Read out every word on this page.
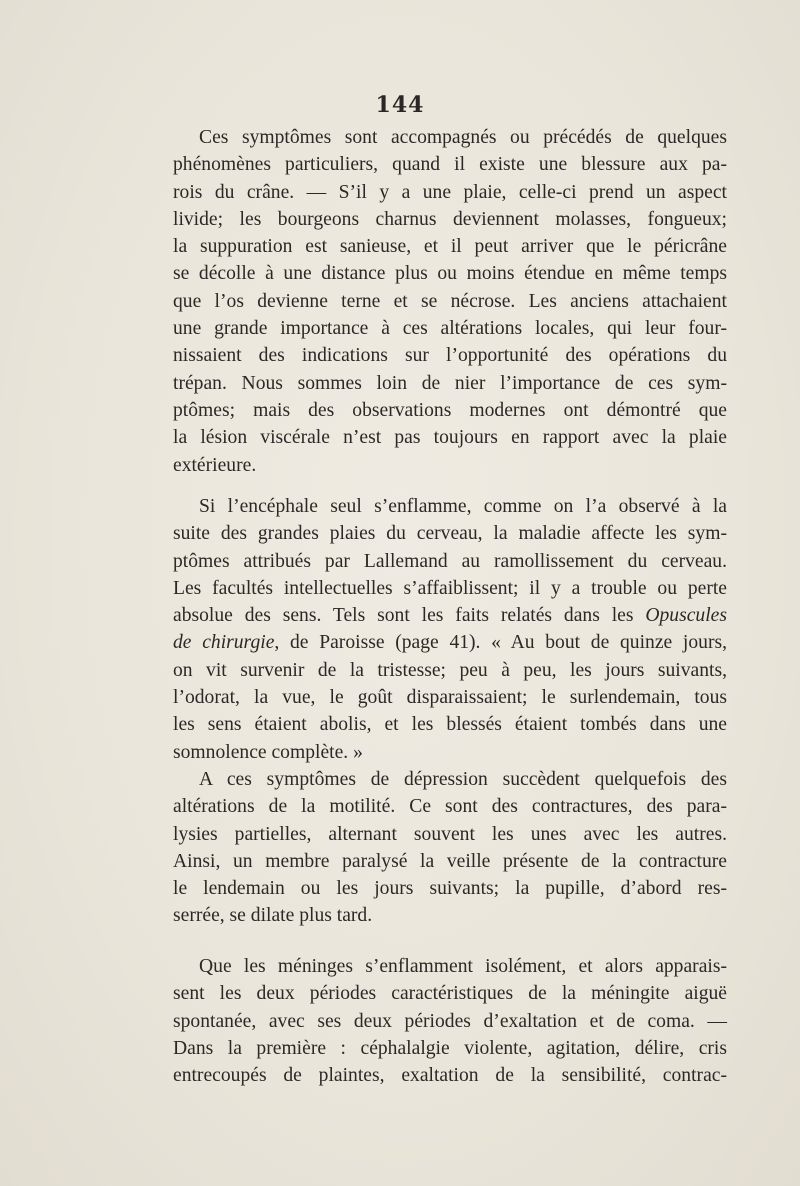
144
Ces symptômes sont accompagnés ou précédés de quelques
phénomènes particuliers, quand il existe une blessure aux pa-
rois du crâne. — S’il y a une plaie, celle-ci prend un aspect
livide; les bourgeons charnus deviennent molasses, fongueux;
la suppuration est sanieuse, et il peut arriver que le péricrâne
se décolle à une distance plus ou moins étendue en même temps
que l’os devienne terne et se nécrose. Les anciens attachaient
une grande importance à ces altérations locales, qui leur four-
nissaient des indications sur l’opportunité des opérations du
trépan. Nous sommes loin de nier l’importance de ces sym-
ptômes; mais des observations modernes ont démontré que
la lésion viscérale n’est pas toujours en rapport avec la plaie
extérieure.
Si l’encéphale seul s’enflamme, comme on l’a observé à la
suite des grandes plaies du cerveau, la maladie affecte les sym-
ptômes attribués par Lallemand au ramollissement du cerveau.
Les facultés intellectuelles s’affaiblissent; il y a trouble ou perte
absolue des sens. Tels sont les faits relatés dans les Opuscules
de chirurgie, de Paroisse (page 41). « Au bout de quinze jours,
on vit survenir de la tristesse; peu à peu, les jours suivants,
l’odorat, la vue, le goût disparaissaient; le surlendemain, tous
les sens étaient abolis, et les blessés étaient tombés dans une
somnolence complète. »
A ces symptômes de dépression succèdent quelquefois des
altérations de la motilité. Ce sont des contractures, des para-
lysies partielles, alternant souvent les unes avec les autres.
Ainsi, un membre paralysé la veille présente de la contracture
le lendemain ou les jours suivants; la pupille, d’abord res-
serrée, se dilate plus tard.
Que les méninges s’enflamment isolément, et alors apparais-
sent les deux périodes caractéristiques de la méningite aiguë
spontanée, avec ses deux périodes d’exaltation et de coma. —
Dans la première : céphalalgie violente, agitation, délire, cris
entrecoupés de plaintes, exaltation de la sensibilité, contrac-
